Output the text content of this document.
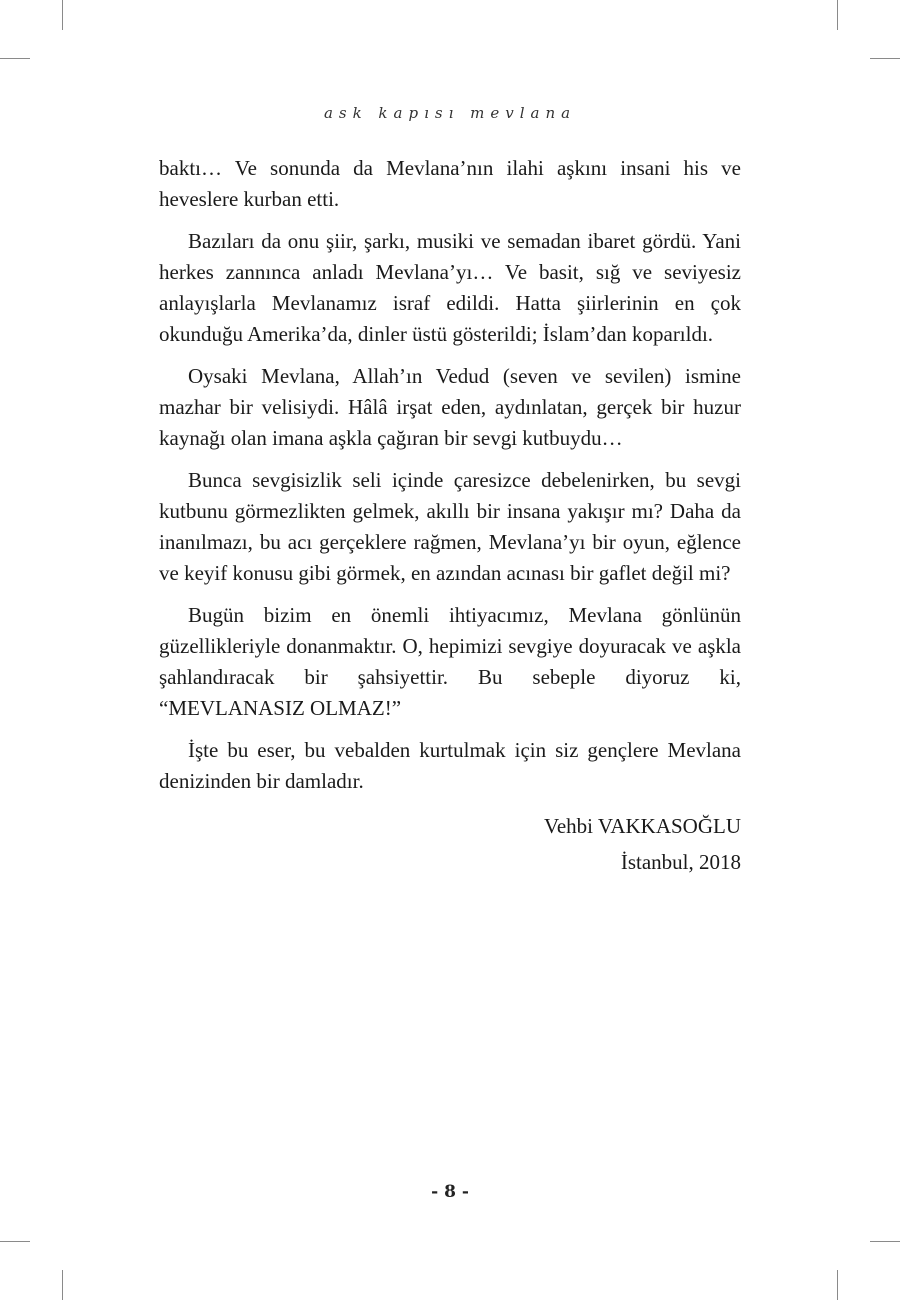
ask kapısı mevlana

baktı… Ve sonunda da Mevlana’nın ilahi aşkını insani his ve heveslere kurban etti.

Bazıları da onu şiir, şarkı, musiki ve semadan ibaret gördü. Yani herkes zannınca anladı Mevlana’yı… Ve basit, sığ ve seviyesiz anlayışlarla Mevlanamız israf edildi. Hatta şiirlerinin en çok okunduğu Amerika’da, dinler üstü gösterildi; İslam’dan koparıldı.

Oysaki Mevlana, Allah’ın Vedud (seven ve sevilen) ismine mazhar bir velisiydi. Hâlâ irşat eden, aydınlatan, gerçek bir huzur kaynağı olan imana aşkla çağıran bir sevgi kutbuydu…

Bunca sevgisizlik seli içinde çaresizce debelenirken, bu sevgi kutbunu görmezlikten gelmek, akıllı bir insana yakışır mı? Daha da inanılmazı, bu acı gerçeklere rağmen, Mevlana’yı bir oyun, eğlence ve keyif konusu gibi görmek, en azından acınası bir gaflet değil mi?

Bugün bizim en önemli ihtiyacımız, Mevlana gönlünün güzellikleriyle donanmaktır. O, hepimizi sevgiye doyuracak ve aşkla şahlandıracak bir şahsiyettir. Bu sebeple diyoruz ki, “MEVLANASIZ OLMAZ!”

İşte bu eser, bu vebalden kurtulmak için siz gençlere Mevlana denizinden bir damladır.

Vehbi VAKKASOĞLU
İstanbul, 2018
- 8 -
